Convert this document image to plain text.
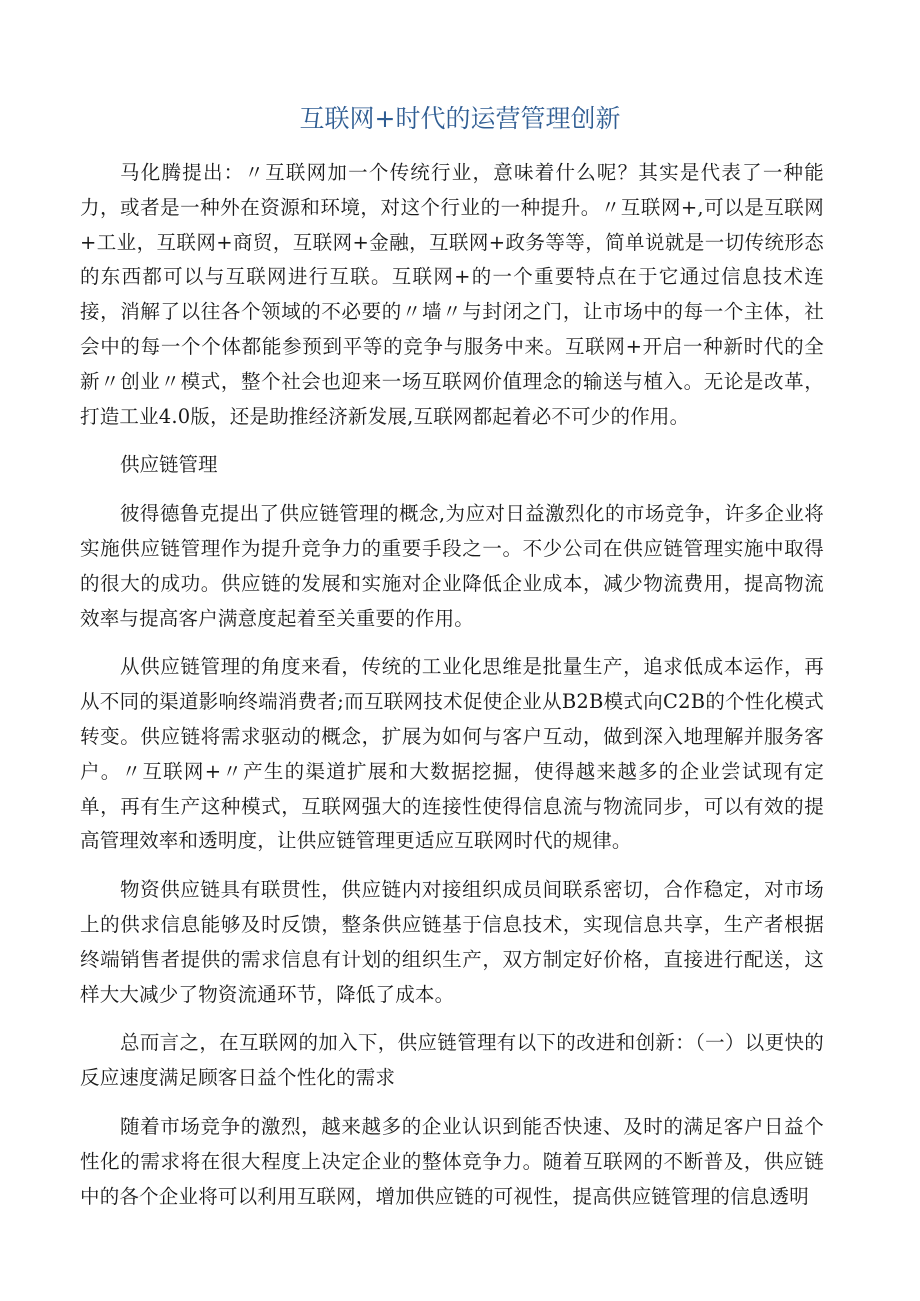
互联网+时代的运营管理创新

马化腾提出：〃互联网加一个传统行业，意味着什么呢？其实是代表了一种能力，或者是一种外在资源和环境，对这个行业的一种提升。〃互联网+,可以是互联网+工业，互联网+商贸，互联网+金融，互联网+政务等等，简单说就是一切传统形态的东西都可以与互联网进行互联。互联网+的一个重要特点在于它通过信息技术连接，消解了以往各个领域的不必要的〃墙〃与封闭之门，让市场中的每一个主体，社会中的每一个个体都能参预到平等的竞争与服务中来。互联网+开启一种新时代的全新〃创业〃模式，整个社会也迎来一场互联网价值理念的输送与植入。无论是改革，打造工业4.0版，还是助推经济新发展,互联网都起着必不可少的作用。

供应链管理

彼得德鲁克提出了供应链管理的概念,为应对日益激烈化的市场竞争，许多企业将实施供应链管理作为提升竞争力的重要手段之一。不少公司在供应链管理实施中取得的很大的成功。供应链的发展和实施对企业降低企业成本，减少物流费用，提高物流效率与提高客户满意度起着至关重要的作用。

从供应链管理的角度来看，传统的工业化思维是批量生产，追求低成本运作，再从不同的渠道影响终端消费者;而互联网技术促使企业从B2B模式向C2B的个性化模式转变。供应链将需求驱动的概念，扩展为如何与客户互动，做到深入地理解并服务客户。〃互联网+〃产生的渠道扩展和大数据挖掘，使得越来越多的企业尝试现有定单，再有生产这种模式，互联网强大的连接性使得信息流与物流同步，可以有效的提高管理效率和透明度，让供应链管理更适应互联网时代的规律。

物资供应链具有联贯性，供应链内对接组织成员间联系密切，合作稳定，对市场上的供求信息能够及时反馈，整条供应链基于信息技术，实现信息共享，生产者根据终端销售者提供的需求信息有计划的组织生产，双方制定好价格，直接进行配送，这样大大减少了物资流通环节，降低了成本。

总而言之，在互联网的加入下，供应链管理有以下的改进和创新：（一）以更快的反应速度满足顾客日益个性化的需求

随着市场竞争的激烈，越来越多的企业认识到能否快速、及时的满足客户日益个性化的需求将在很大程度上决定企业的整体竞争力。随着互联网的不断普及，供应链中的各个企业将可以利用互联网，增加供应链的可视性，提高供应链管理的信息透明
